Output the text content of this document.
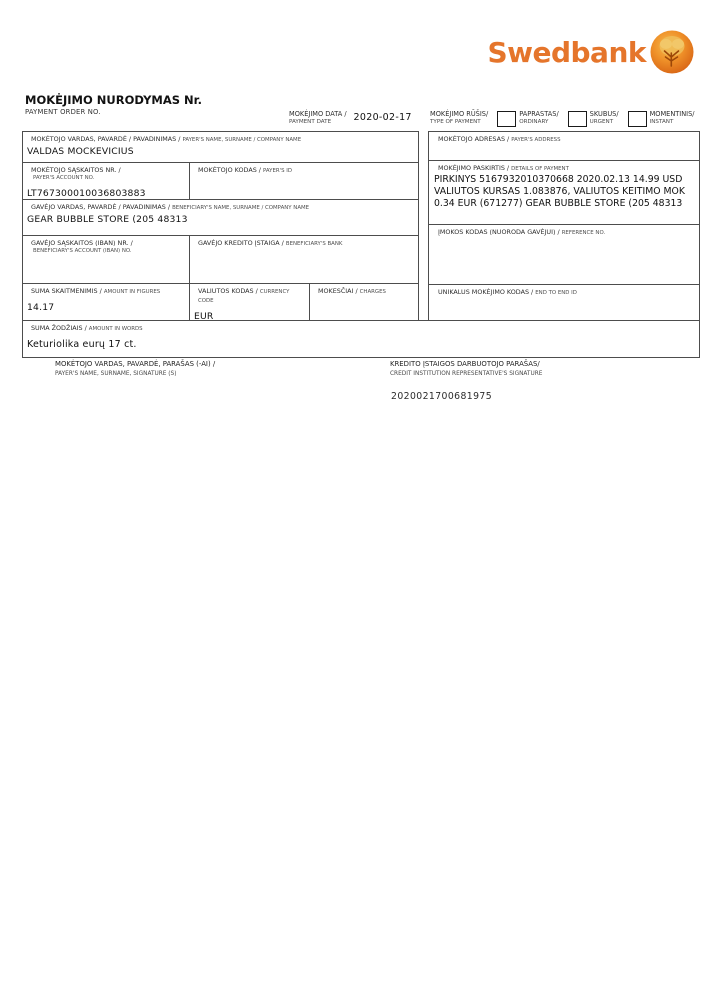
Swedbank
MOKĖJIMO NURODYMAS Nr.
PAYMENT ORDER NO.	MOKĖJIMO DATA /
PAYMENT DATE	2020-02-17	MOKĖJIMO RŪŠIS/
TYPE OF PAYMENT
PAPRASTAS/
ORDINARY
SKUBUS/
URGENT
MOMENTINIS/
INSTANT
MOKĖTOJO VARDAS, PAVARDĖ / PAVADINIMAS / PAYER'S NAME, SURNAME / COMPANY NAME
VALDAS MOCKEVICIUS
MOKĖTOJO SĄSKAITOS NR. /
PAYER'S ACCOUNT NO.
LT767300010036803883
MOKĖTOJO KODAS / PAYER'S ID
GAVĖJO VARDAS, PAVARDĖ / PAVADINIMAS / BENEFICIARY'S NAME, SURNAME / COMPANY NAME
GEAR BUBBLE STORE (205 48313
GAVĖJO SĄSKAITOS (IBAN) NR. /
BENEFICIARY'S ACCOUNT (IBAN) NO.
GAVĖJO KREDITO ĮSTAIGA / BENEFICIARY'S BANK
SUMA SKAITMENIMIS / AMOUNT IN FIGURES
14.17
VALIUTOS KODAS / CURRENCY CODE
EUR
MOKESČIAI / CHARGES
MOKĖTOJO ADRESAS / PAYER'S ADDRESS
MOKĖJIMO PASKIRTIS / DETAILS OF PAYMENT
PIRKINYS 5167932010370668 2020.02.13 14.99 USD VALIUTOS KURSAS 1.083876, VALIUTOS KEITIMO MOK 0.34 EUR (671277) GEAR BUBBLE STORE (205 48313
ĮMOKOS KODAS (NUORODA GAVĖJUI) / REFERENCE NO.
UNIKALUS MOKĖJIMO KODAS / END TO END ID
SUMA ŽODŽIAIS / AMOUNT IN WORDS
Keturiolika eurų 17 ct.
MOKĖTOJO VARDAS, PAVARDĖ, PARAŠAS (-AI) /
PAYER'S NAME, SURNAME, SIGNATURE (S)
KREDITO ĮSTAIGOS DARBUOTOJO PARAŠAS/
CREDIT INSTITUTION REPRESENTATIVE'S SIGNATURE
2020021700681975
